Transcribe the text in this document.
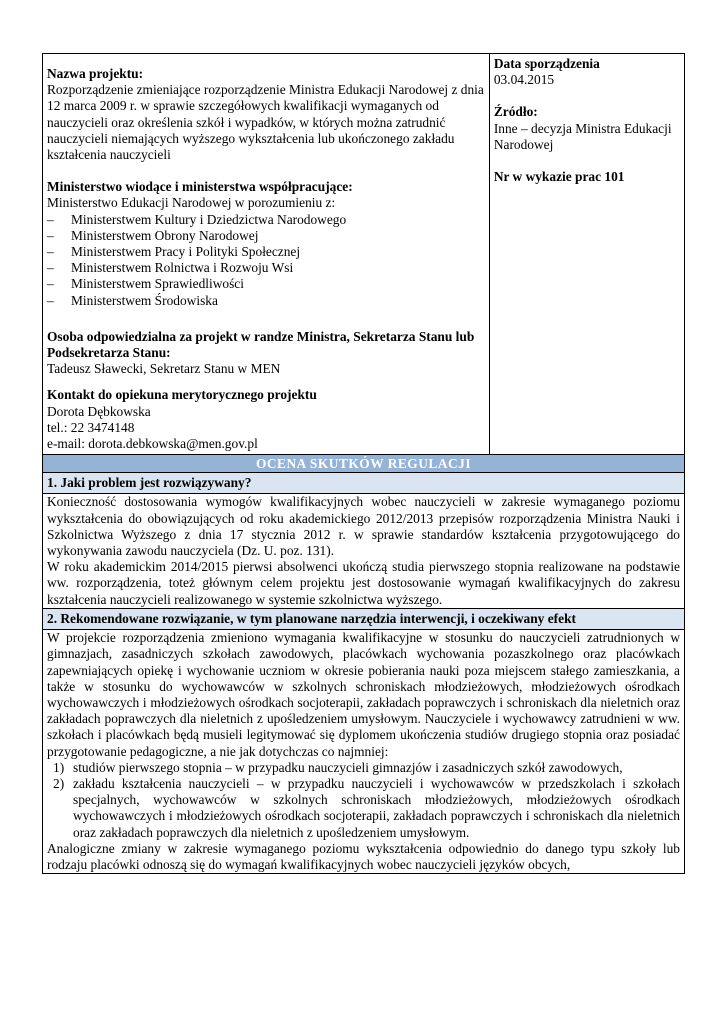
Nazwa projektu:
Rozporządzenie zmieniające rozporządzenie Ministra Edukacji Narodowej z dnia 12 marca 2009 r. w sprawie szczegółowych kwalifikacji wymaganych od nauczycieli oraz określenia szkół i wypadków, w których można zatrudnić nauczycieli niemających wyższego wykształcenia lub ukończonego zakładu kształcenia nauczycieli
Ministerstwo wiodące i ministerstwa współpracujące:
Ministerstwo Edukacji Narodowej w porozumieniu z:
– Ministerstwem Kultury i Dziedzictwa Narodowego
– Ministerstwem Obrony Narodowej
– Ministerstwem Pracy i Polityki Społecznej
– Ministerstwem Rolnictwa i Rozwoju Wsi
– Ministerstwem Sprawiedliwości
– Ministerstwem Środowiska
Osoba odpowiedzialna za projekt w randze Ministra, Sekretarza Stanu lub Podsekretarza Stanu:
Tadeusz Sławecki, Sekretarz Stanu w MEN
Kontakt do opiekuna merytorycznego projektu
Dorota Dębkowska
tel.: 22 3474148
e-mail: dorota.debkowska@men.gov.pl

Data sporządzenia
03.04.2015
Źródło:
Inne – decyzja Ministra Edukacji Narodowej
Nr w wykazie prac 101

OCENA SKUTKÓW REGULACJI
1. Jaki problem jest rozwiązywany?

Konieczność dostosowania wymogów kwalifikacyjnych wobec nauczycieli w zakresie wymaganego poziomu wykształcenia do obowiązujących od roku akademickiego 2012/2013 przepisów rozporządzenia Ministra Nauki i Szkolnictwa Wyższego z dnia 17 stycznia 2012 r. w sprawie standardów kształcenia przygotowującego do wykonywania zawodu nauczyciela (Dz. U. poz. 131).
W roku akademickim 2014/2015 pierwsi absolwenci ukończą studia pierwszego stopnia realizowane na podstawie ww. rozporządzenia, toteż głównym celem projektu jest dostosowanie wymagań kwalifikacyjnych do zakresu kształcenia nauczycieli realizowanego w systemie szkolnictwa wyższego.

2. Rekomendowane rozwiązanie, w tym planowane narzędzia interwencji, i oczekiwany efekt

W projekcie rozporządzenia zmieniono wymagania kwalifikacyjne w stosunku do nauczycieli zatrudnionych w gimnazjach, zasadniczych szkołach zawodowych, placówkach wychowania pozaszkolnego oraz placówkach zapewniających opiekę i wychowanie uczniom w okresie pobierania nauki poza miejscem stałego zamieszkania, a także w stosunku do wychowawców w szkolnych schroniskach młodzieżowych, młodzieżowych ośrodkach wychowawczych i młodzieżowych ośrodkach socjoterapii, zakładach poprawczych i schroniskach dla nieletnich oraz zakładach poprawczych dla nieletnich z upośledzeniem umysłowym. Nauczyciele i wychowawcy zatrudnieni w ww. szkołach i placówkach będą musieli legitymować się dyplomem ukończenia studiów drugiego stopnia oraz posiadać przygotowanie pedagogiczne, a nie jak dotychczas co najmniej:
1) studiów pierwszego stopnia – w przypadku nauczycieli gimnazjów i zasadniczych szkół zawodowych,
2) zakładu kształcenia nauczycieli – w przypadku nauczycieli i wychowawców w przedszkolach i szkołach specjalnych, wychowawców w szkolnych schroniskach młodzieżowych, młodzieżowych ośrodkach wychowawczych i młodzieżowych ośrodkach socjoterapii, zakładach poprawczych i schroniskach dla nieletnich oraz zakładach poprawczych dla nieletnich z upośledzeniem umysłowym.
Analogiczne zmiany w zakresie wymaganego poziomu wykształcenia odpowiednio do danego typu szkoły lub rodzaju placówki odnoszą się do wymagań kwalifikacyjnych wobec nauczycieli języków obcych,
